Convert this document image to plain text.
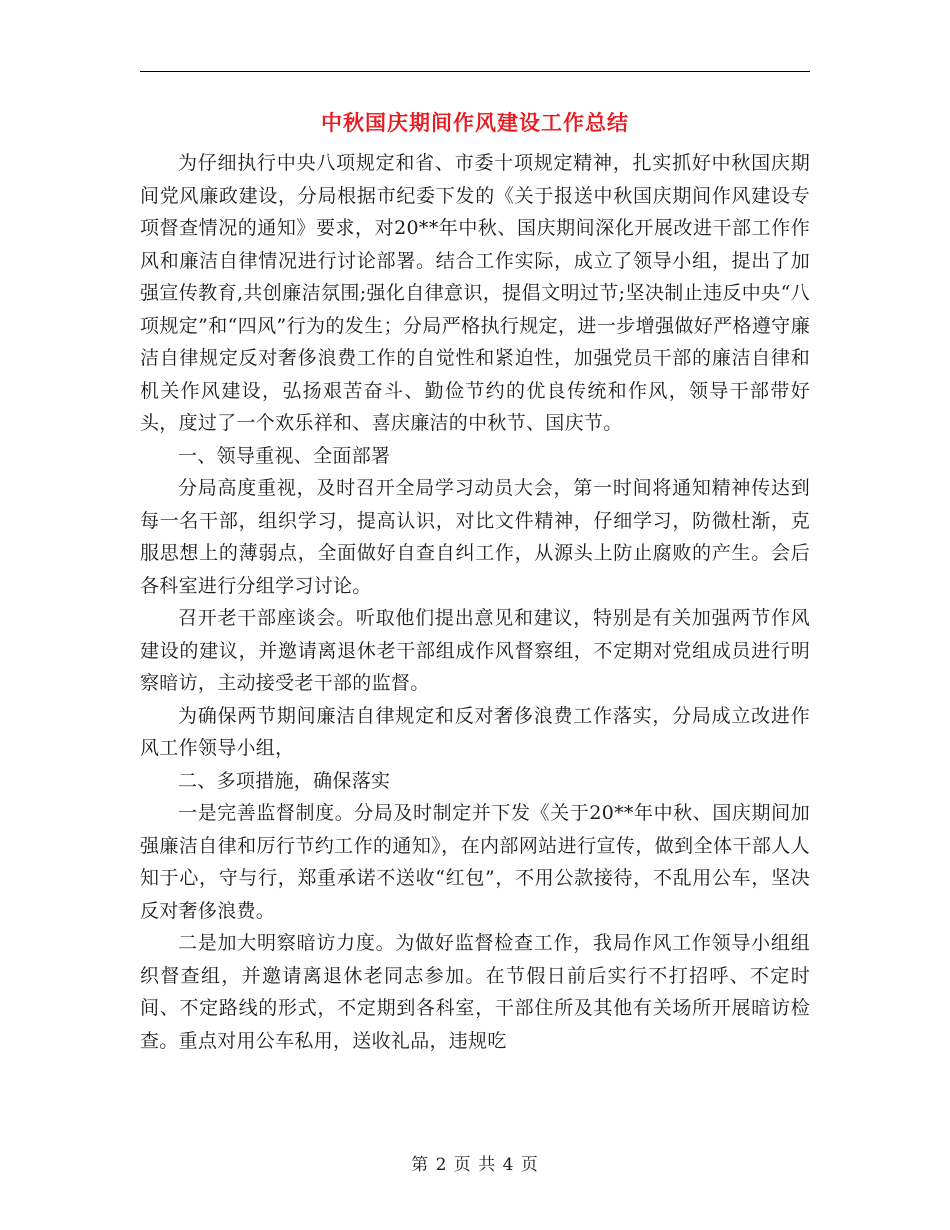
中秋国庆期间作风建设工作总结

为仔细执行中央八项规定和省、市委十项规定精神，扎实抓好中秋国庆期间党风廉政建设，分局根据市纪委下发的《关于报送中秋国庆期间作风建设专项督查情况的通知》要求，对20**年中秋、国庆期间深化开展改进干部工作作风和廉洁自律情况进行讨论部署。结合工作实际，成立了领导小组，提出了加强宣传教育,共创廉洁氛围;强化自律意识，提倡文明过节;坚决制止违反中央“八项规定”和“四风”行为的发生；分局严格执行规定，进一步增强做好严格遵守廉洁自律规定反对奢侈浪费工作的自觉性和紧迫性，加强党员干部的廉洁自律和机关作风建设，弘扬艰苦奋斗、勤俭节约的优良传统和作风，领导干部带好头，度过了一个欢乐祥和、喜庆廉洁的中秋节、国庆节。

一、领导重视、全面部署

分局高度重视，及时召开全局学习动员大会，第一时间将通知精神传达到每一名干部，组织学习，提高认识，对比文件精神，仔细学习，防微杜渐，克服思想上的薄弱点，全面做好自查自纠工作，从源头上防止腐败的产生。会后各科室进行分组学习讨论。

召开老干部座谈会。听取他们提出意见和建议，特别是有关加强两节作风建设的建议，并邀请离退休老干部组成作风督察组，不定期对党组成员进行明察暗访，主动接受老干部的监督。

为确保两节期间廉洁自律规定和反对奢侈浪费工作落实，分局成立改进作风工作领导小组，

二、多项措施，确保落实

一是完善监督制度。分局及时制定并下发《关于20**年中秋、国庆期间加强廉洁自律和厉行节约工作的通知》，在内部网站进行宣传，做到全体干部人人知于心，守与行，郑重承诺不送收“红包”，不用公款接待，不乱用公车，坚决反对奢侈浪费。

二是加大明察暗访力度。为做好监督检查工作，我局作风工作领导小组组织督查组，并邀请离退休老同志参加。在节假日前后实行不打招呼、不定时间、不定路线的形式，不定期到各科室，干部住所及其他有关场所开展暗访检查。重点对用公车私用，送收礼品，违规吃

第 2 页 共 4 页
